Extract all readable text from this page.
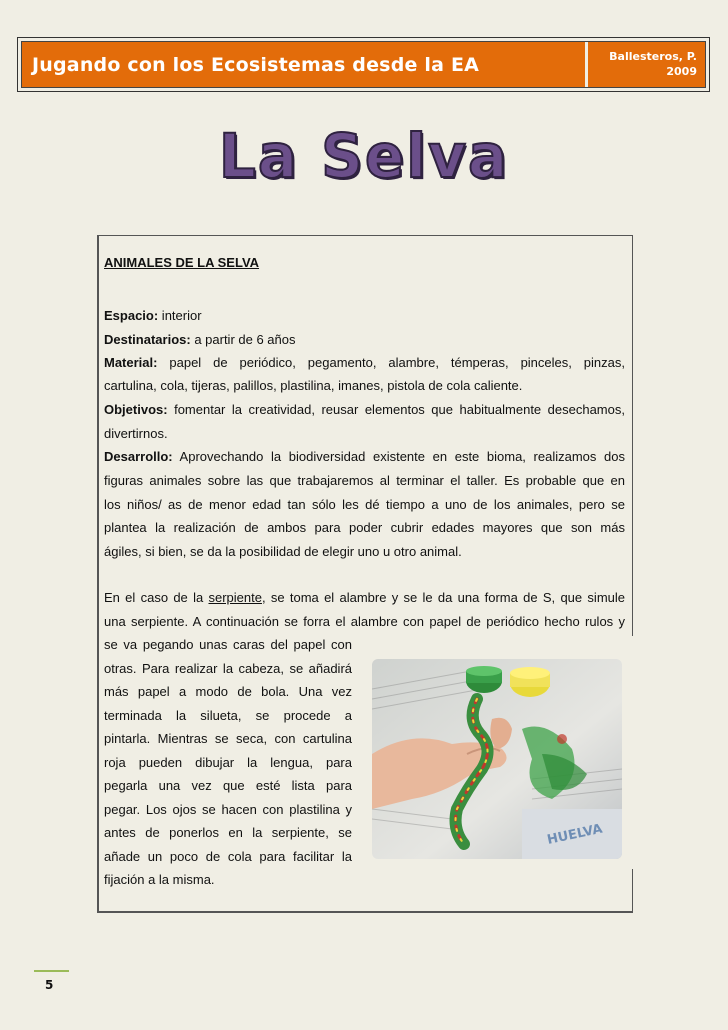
Jugando con los Ecosistemas desde la EA	Ballesteros, P.
2009
La Selva
ANIMALES DE LA SELVA
Espacio: interior
Destinatarios: a partir de 6 años
Material: papel de periódico, pegamento, alambre, témperas, pinceles, pinzas,
cartulina, cola, tijeras, palillos, plastilina, imanes, pistola de cola caliente.
Objetivos: fomentar la creatividad, reusar elementos que habitualmente desechamos,
divertirnos.
Desarrollo: Aprovechando la biodiversidad existente en este bioma, realizamos dos
figuras animales sobre las que trabajaremos al terminar el taller. Es probable que en
los niños/ as de menor edad tan sólo les dé tiempo a uno de los animales, pero se
plantea la realización de ambos para poder cubrir edades mayores que son más
ágiles, si bien, se da la posibilidad de elegir uno u otro animal.
En el caso de la serpiente, se toma el alambre y se le da una forma de S, que simule
una serpiente. A continuación se forra el alambre con papel de periódico hecho rulos y
se va pegando unas caras del papel con
otras. Para realizar la cabeza, se añadirá
más papel a modo de bola. Una vez
terminada la silueta, se procede a
pintarla. Mientras se seca, con cartulina
roja pueden dibujar la lengua, para
pegarla una vez que esté lista para
pegar. Los ojos se hacen con plastilina y
antes de ponerlos en la serpiente, se
añade un poco de cola para facilitar la
fijación a la misma.
HUELVA
5
